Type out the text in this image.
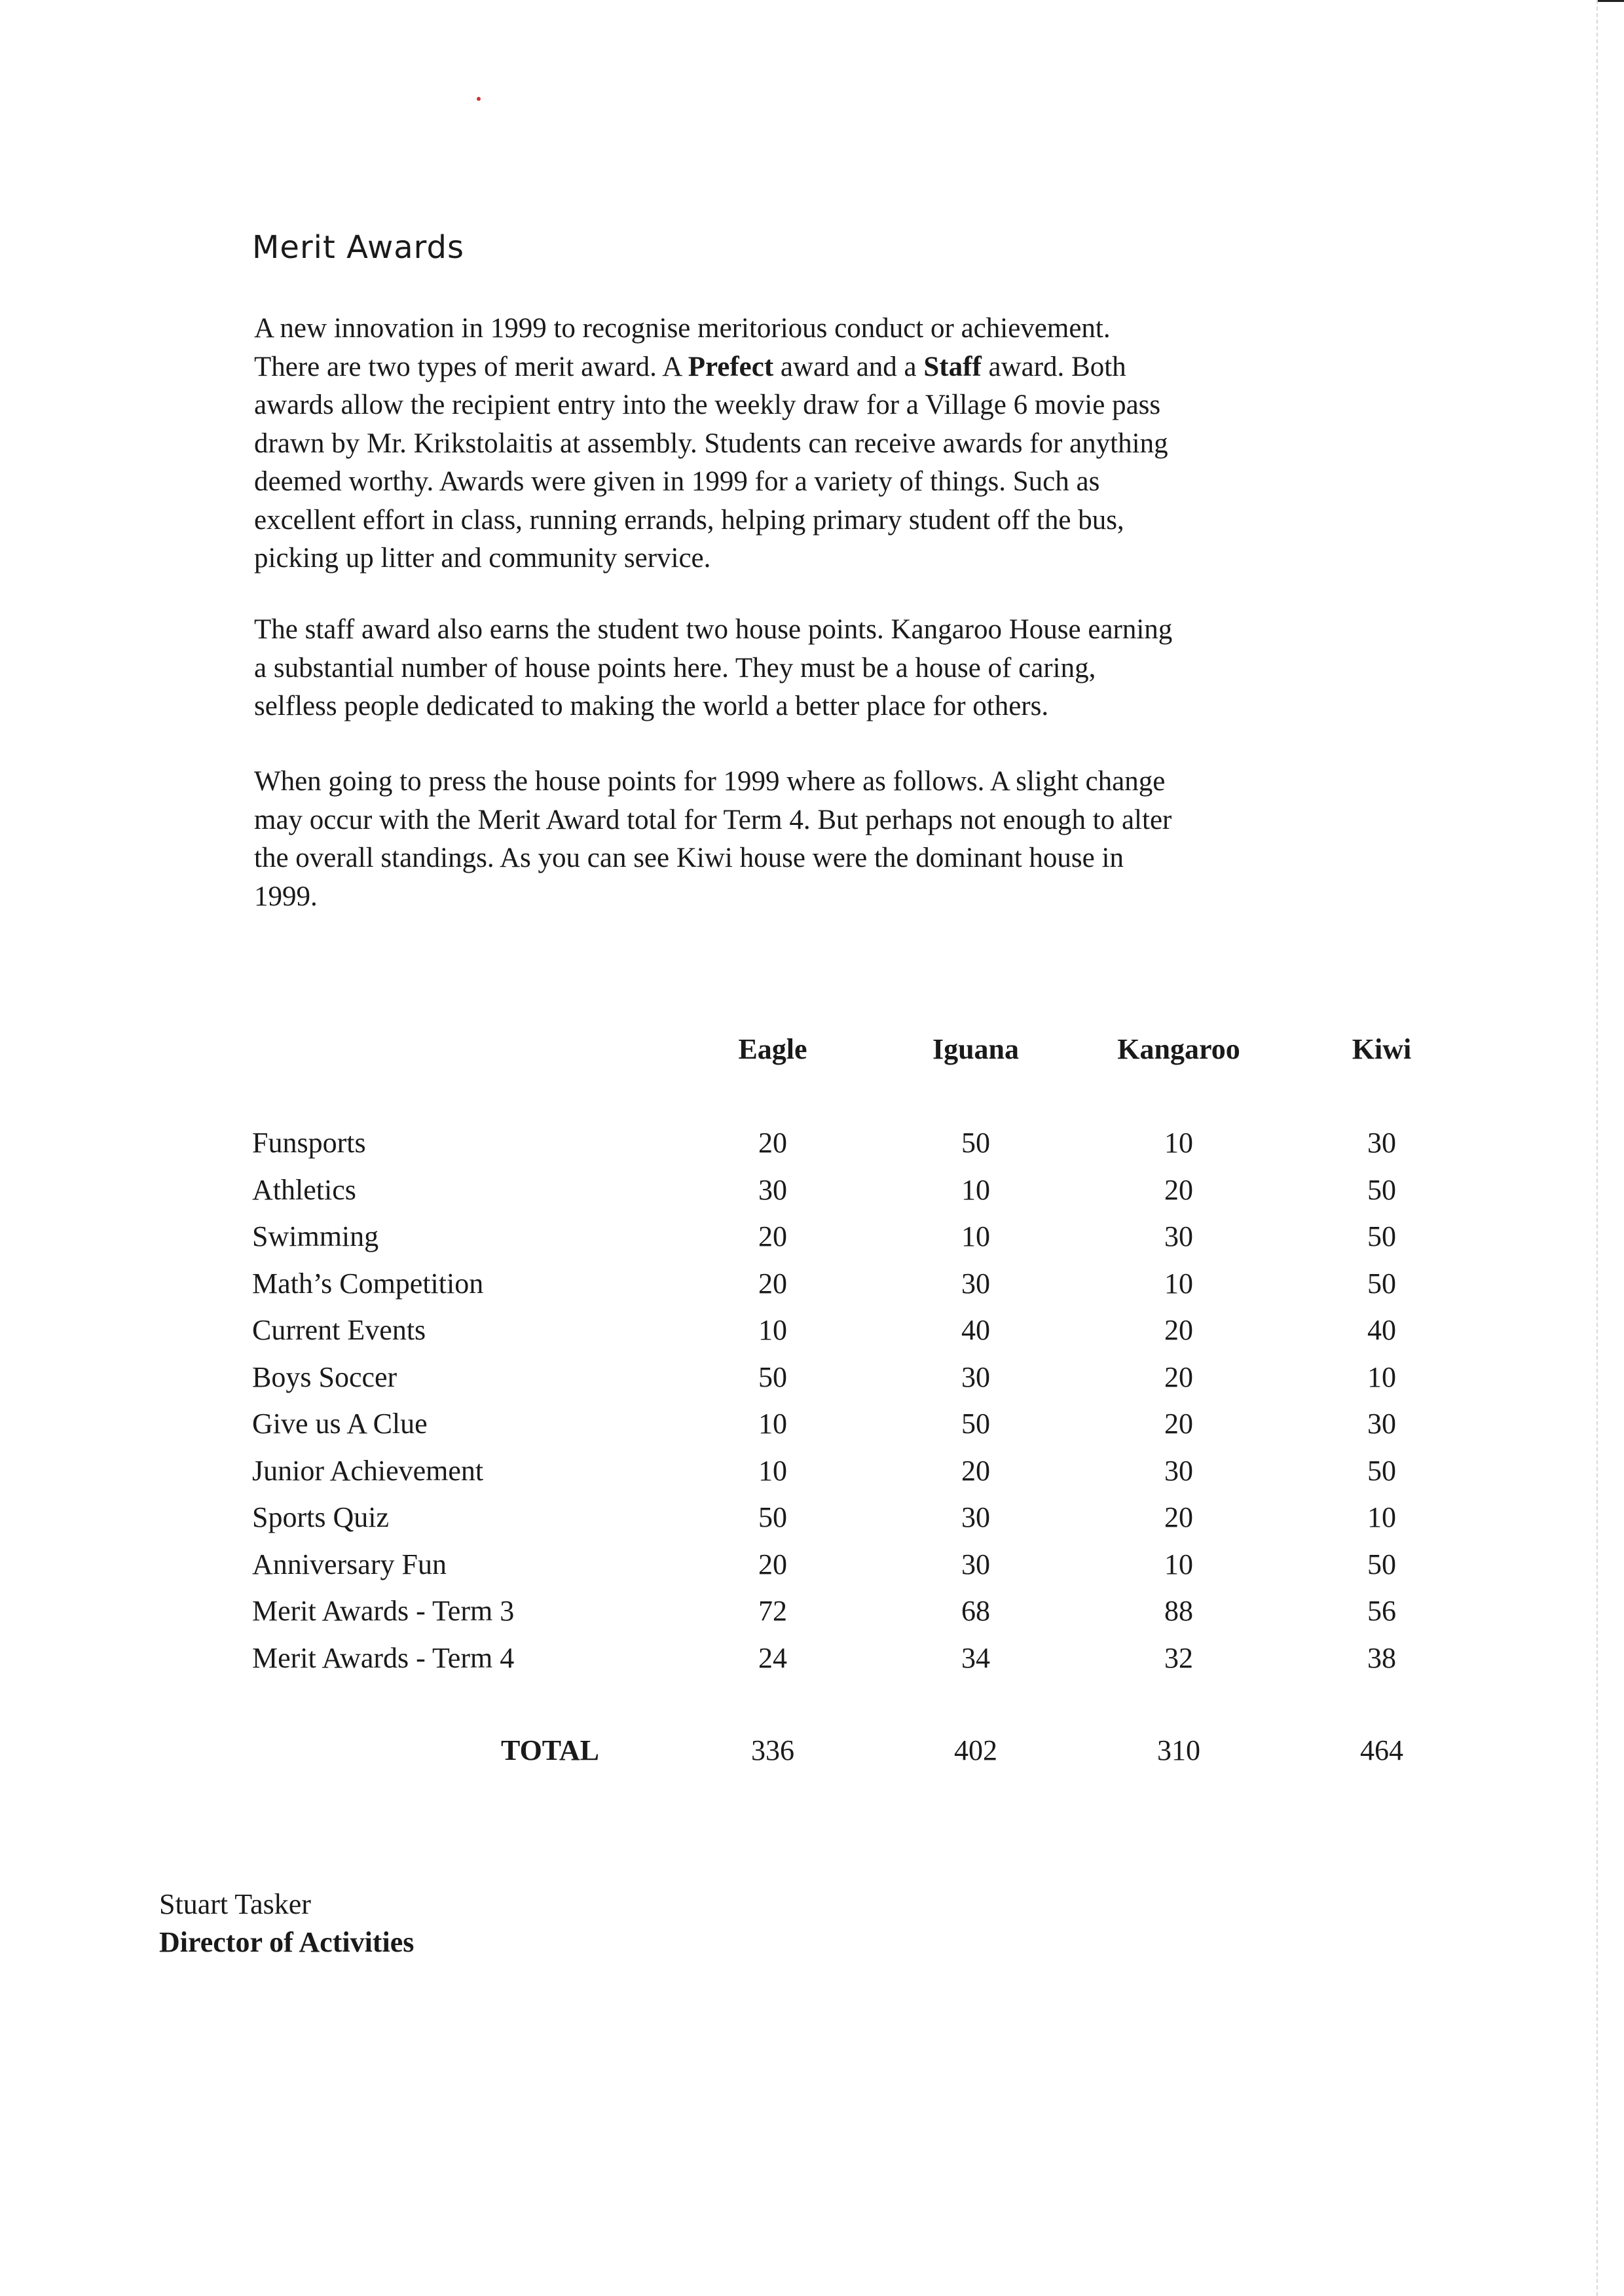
Merit Awards
A new innovation in 1999 to recognise meritorious conduct or achievement.
There are two types of merit award. A Prefect award and a Staff award. Both
awards allow the recipient entry into the weekly draw for a Village 6 movie pass
drawn by Mr. Krikstolaitis at assembly. Students can receive awards for anything
deemed worthy. Awards were given in 1999 for a variety of things. Such as
excellent effort in class, running errands, helping primary student off the bus,
picking up litter and community service.
The staff award also earns the student two house points. Kangaroo House earning
a substantial number of house points here. They must be a house of caring,
selfless people dedicated to making the world a better place for others.
When going to press the house points for 1999 where as follows. A slight change
may occur with the Merit Award total for Term 4. But perhaps not enough to alter
the overall standings. As you can see Kiwi house were the dominant house in
1999.
	Eagle	Iguana	Kangaroo	Kiwi

Funsports	20	50	10	30
Athletics	30	10	20	50
Swimming	20	10	30	50
Math’s Competition	20	30	10	50
Current Events	10	40	20	40
Boys Soccer	50	30	20	10
Give us A Clue	10	50	20	30
Junior Achievement	10	20	30	50
Sports Quiz	50	30	20	10
Anniversary Fun	20	30	10	50
Merit Awards - Term 3	72	68	88	56
Merit Awards - Term 4	24	34	32	38

TOTAL	336	402	310	464
Stuart Tasker
Director of Activities
